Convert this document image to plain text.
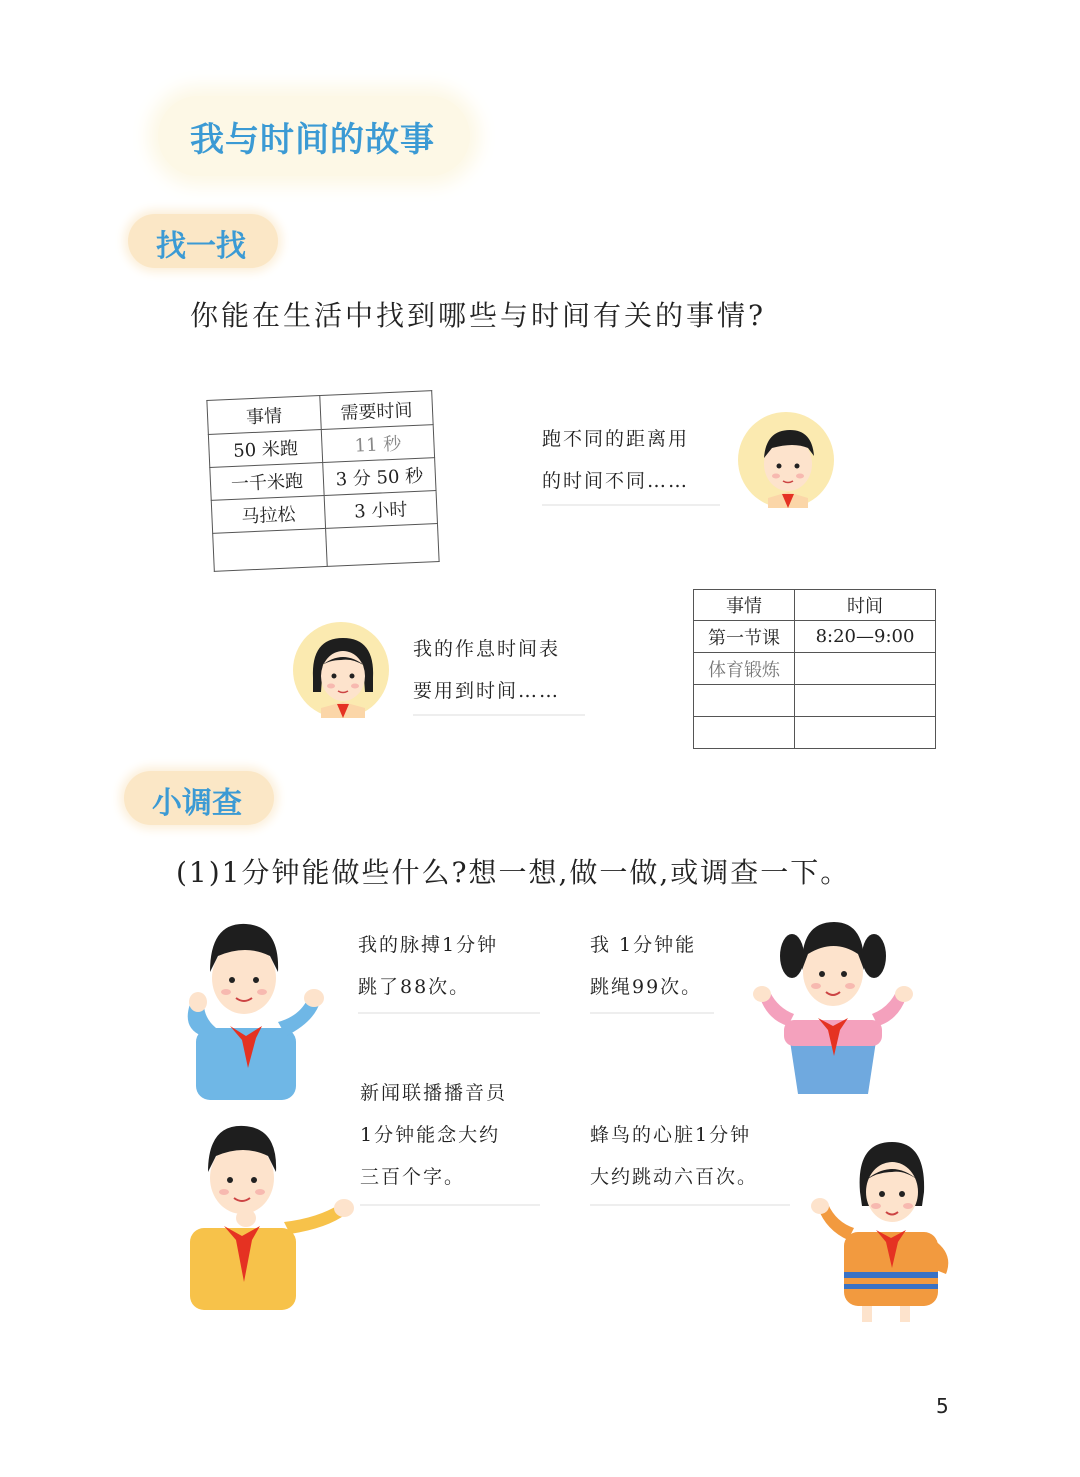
我与时间的故事
找一找
你能在生活中找到哪些与时间有关的事情?
事情	需要时间
50 米跑	11 秒
一千米跑	3 分 50 秒
马拉松	3 小时

跑不同的距离用
的时间不同……
我的作息时间表
要用到时间……
事情	时间
第一节课	8:20—9:00
体育锻炼	

小调查
(1)1分钟能做些什么?想一想,做一做,或调查一下。
我的脉搏1分钟
跳了88次。
我 1分钟能
跳绳99次。
新闻联播播音员
1分钟能念大约
三百个字。
蜂鸟的心脏1分钟
大约跳动六百次。
5
